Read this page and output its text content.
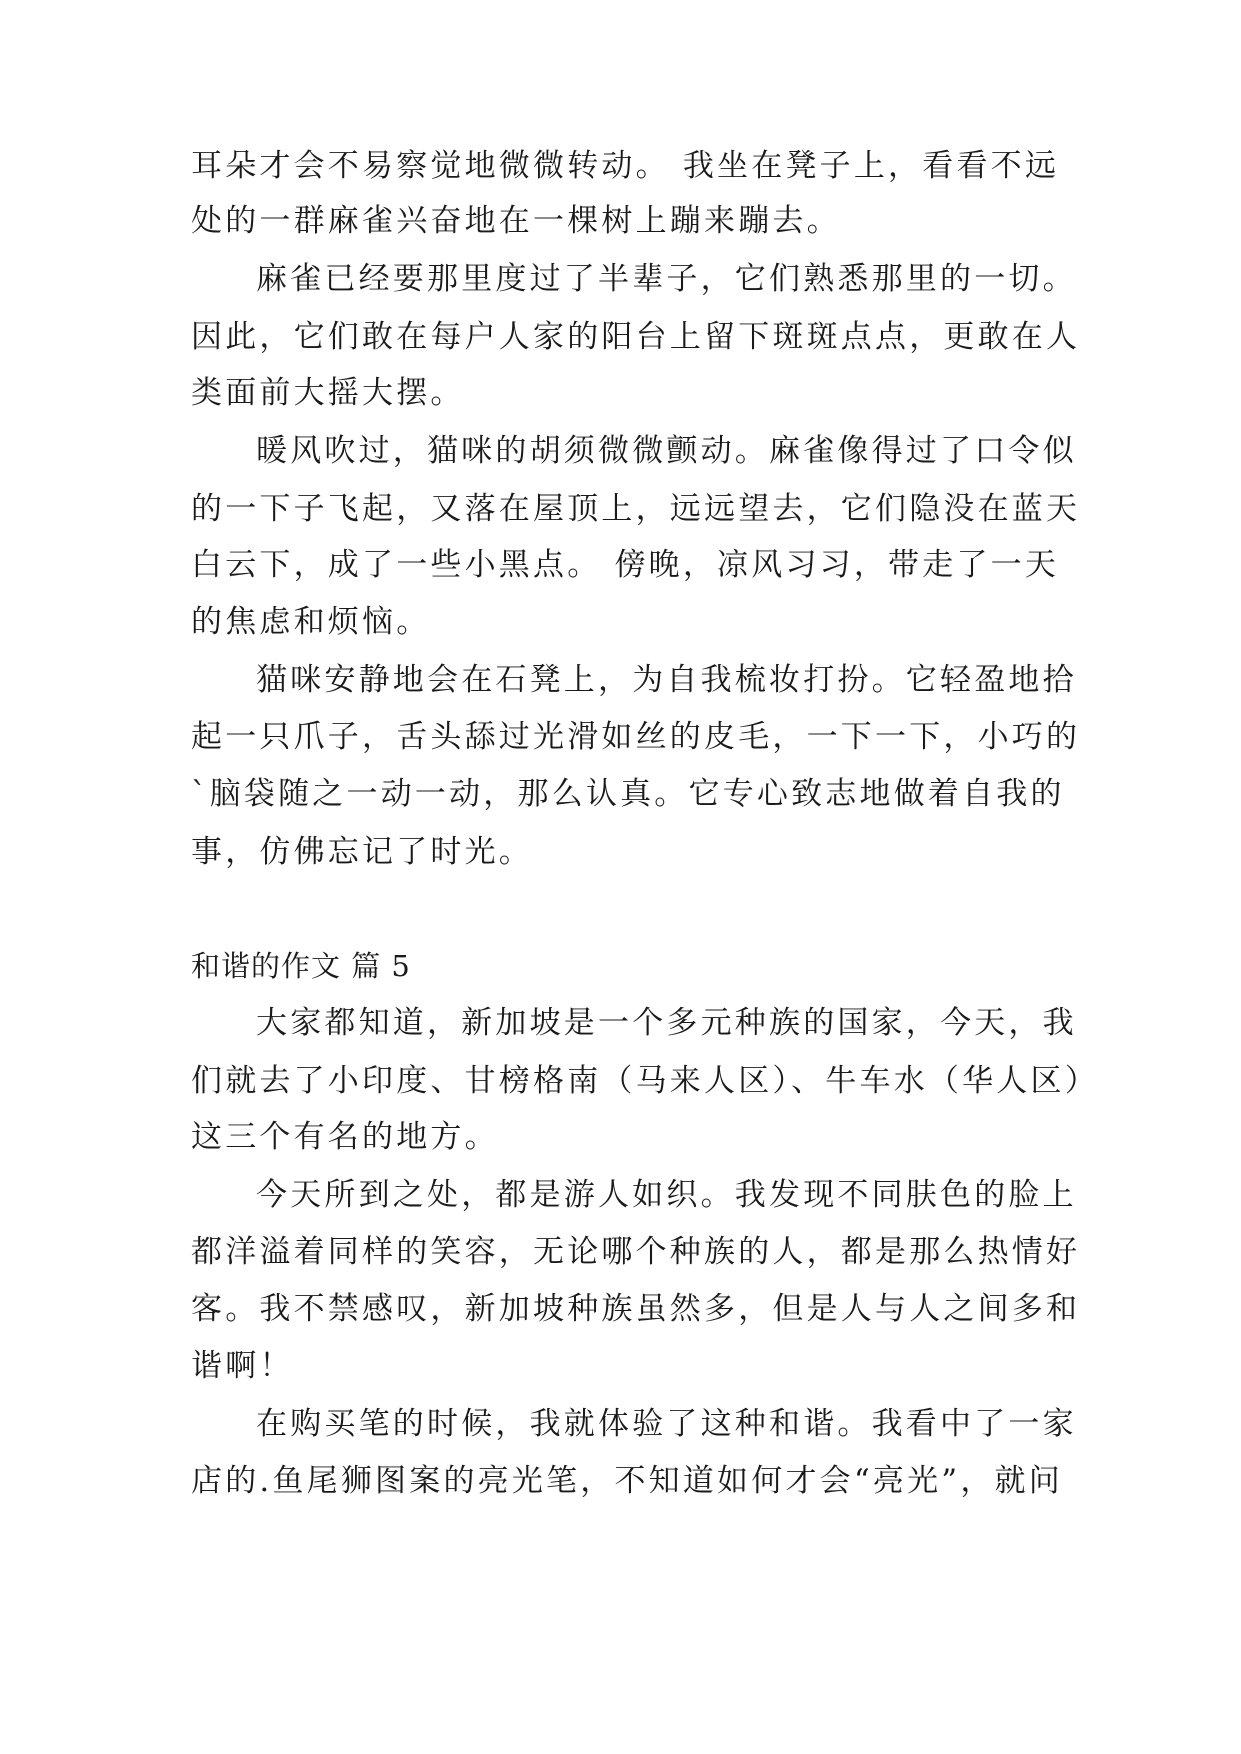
耳朵才会不易察觉地微微转动。 我坐在凳子上，看看不远
处的一群麻雀兴奋地在一棵树上蹦来蹦去。
麻雀已经要那里度过了半辈子，它们熟悉那里的一切。
因此，它们敢在每户人家的阳台上留下斑斑点点，更敢在人
类面前大摇大摆。
暖风吹过，猫咪的胡须微微颤动。麻雀像得过了口令似
的一下子飞起，又落在屋顶上，远远望去，它们隐没在蓝天
白云下，成了一些小黑点。 傍晚，凉风习习，带走了一天
的焦虑和烦恼。
猫咪安静地会在石凳上，为自我梳妆打扮。它轻盈地拾
起一只爪子，舌头舔过光滑如丝的皮毛，一下一下，小巧的
`脑袋随之一动一动，那么认真。它专心致志地做着自我的
事，仿佛忘记了时光。
和谐的作文 篇 5
大家都知道，新加坡是一个多元种族的国家，今天，我
们就去了小印度、甘榜格南（马来人区）、牛车水（华人区）
这三个有名的地方。
今天所到之处，都是游人如织。我发现不同肤色的脸上
都洋溢着同样的笑容，无论哪个种族的人，都是那么热情好
客。我不禁感叹，新加坡种族虽然多，但是人与人之间多和
谐啊！
在购买笔的时候，我就体验了这种和谐。我看中了一家
店的.鱼尾狮图案的亮光笔，不知道如何才会“亮光”，就问
